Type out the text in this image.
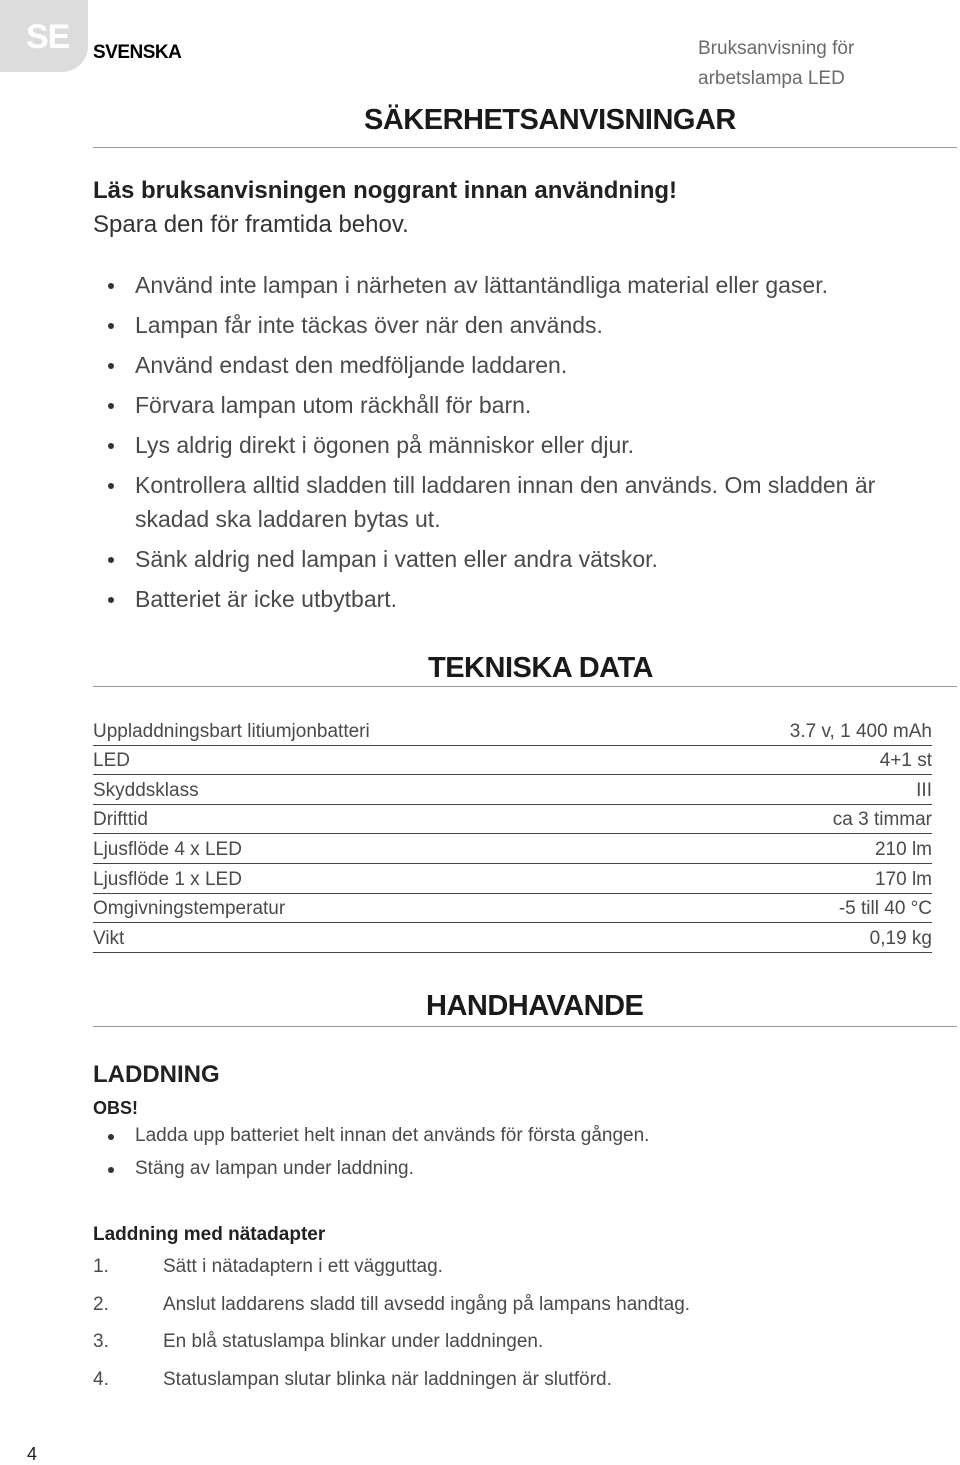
SE SVENSKA	Bruksanvisning för
arbetslampa LED
SÄKERHETSANVISNINGAR
Läs bruksanvisningen noggrant innan användning!
Spara den för framtida behov.
Använd inte lampan i närheten av lättantändliga material eller gaser.
Lampan får inte täckas över när den används.
Använd endast den medföljande laddaren.
Förvara lampan utom räckhåll för barn.
Lys aldrig direkt i ögonen på människor eller djur.
Kontrollera alltid sladden till laddaren innan den används. Om sladden är skadad ska laddaren bytas ut.
Sänk aldrig ned lampan i vatten eller andra vätskor.
Batteriet är icke utbytbart.
TEKNISKA DATA
Uppladdningsbart litiumjonbatteri	3.7 v, 1 400 mAh
LED	4+1 st
Skyddsklass	III
Drifttid	ca 3 timmar
Ljusflöde 4 x LED	210 lm
Ljusflöde 1 x LED	170 lm
Omgivningstemperatur	-5 till 40 °C
Vikt	0,19 kg
HANDHAVANDE
LADDNING
OBS!
Ladda upp batteriet helt innan det används för första gången.
Stäng av lampan under laddning.
Laddning med nätadapter
1.	Sätt i nätadaptern i ett vägguttag.
2.	Anslut laddarens sladd till avsedd ingång på lampans handtag.
3.	En blå statuslampa blinkar under laddningen.
4.	Statuslampan slutar blinka när laddningen är slutförd.
4
